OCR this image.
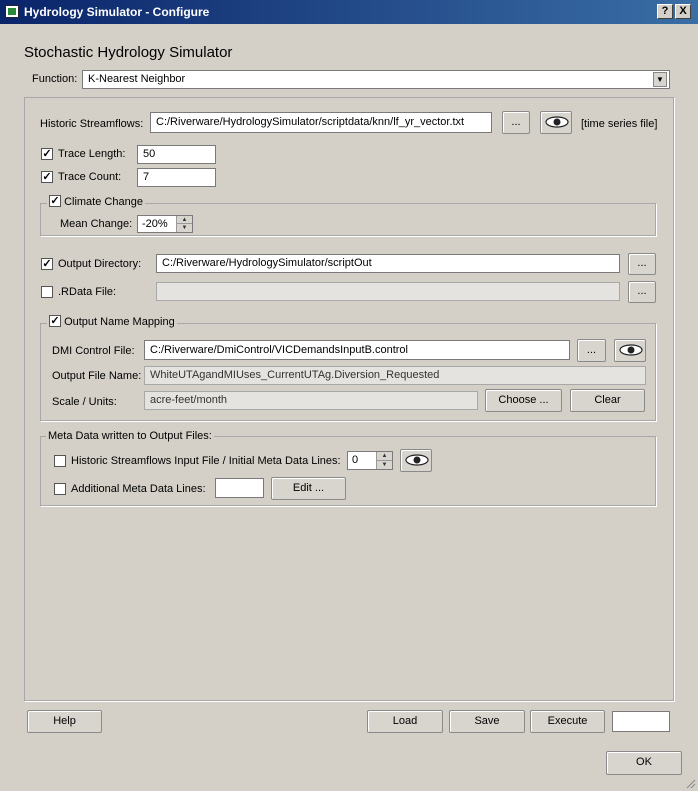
Hydrology Simulator - Configure	? X
Stochastic Hydrology Simulator
Function: K-Nearest Neighbor	▼
Historic Streamflows:	C:/Riverware/HydrologySimulator/scriptdata/knn/lf_yr_vector.txt	...	[time series file]
✓ Trace Length:	50
✓ Trace Count:	7
✓ Climate Change
Mean Change: -20%	▲
▼
✓ Output Directory:	C:/Riverware/HydrologySimulator/scriptOut	...
.RData File:	...
✓ Output Name Mapping
DMI Control File:	C:/Riverware/DmiControl/VICDemandsInputB.control	...
Output File Name: WhiteUTAgandMIUses_CurrentUTAg.Diversion_Requested
Scale / Units:	acre-feet/month	Choose ...	Clear
Meta Data written to Output Files:
Historic Streamflows Input File / Initial Meta Data Lines:	0	▲
▼
Additional Meta Data Lines:	Edit ...
Help	Load	Save	Execute
OK
